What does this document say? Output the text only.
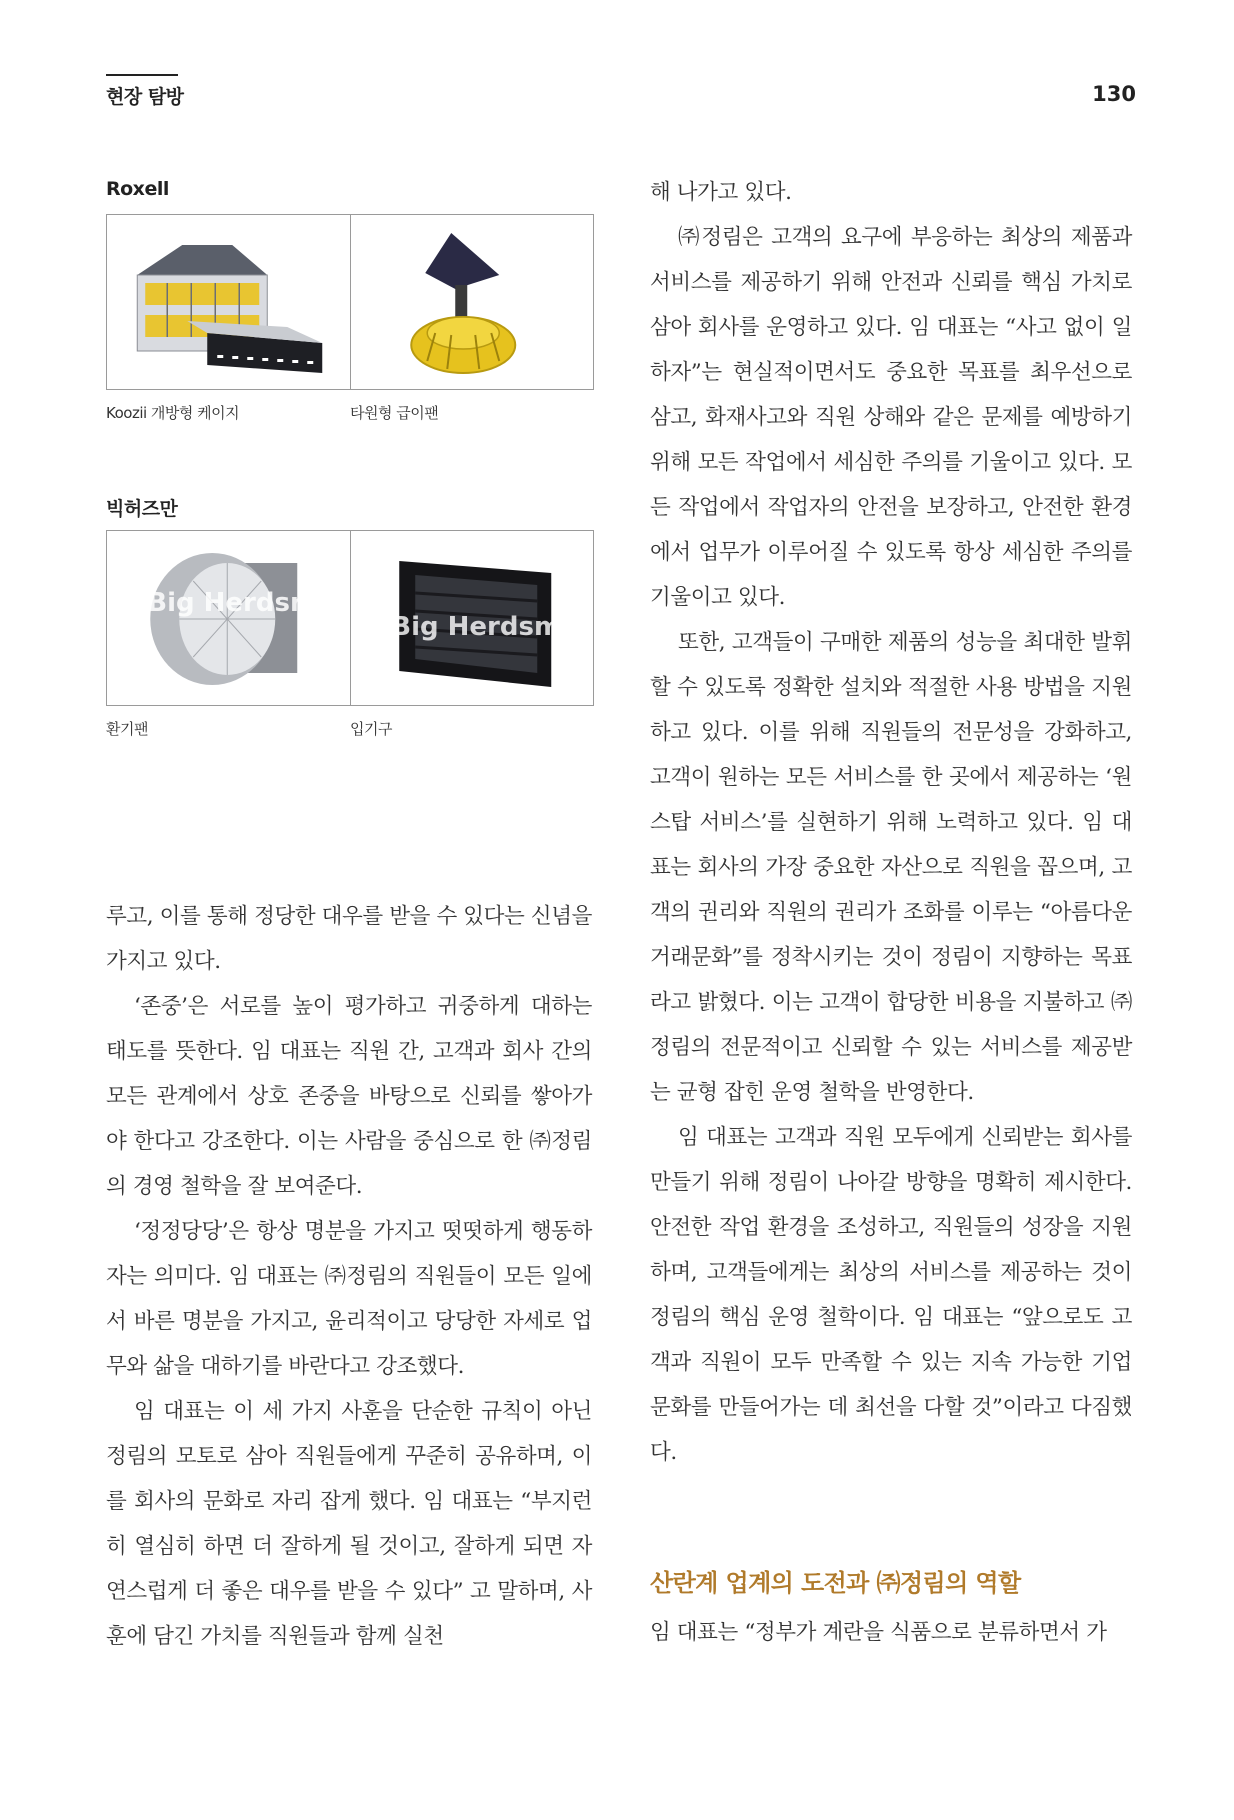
현장 탐방	130
Roxell
Koozii 개방형 케이지	타원형 급이팬
빅허즈만
Big Herdsma
Big Herdsma
환기팬	입기구

루고, 이를 통해 정당한 대우를 받을 수 있다는 신념을 가지고 있다.

‘존중’은 서로를 높이 평가하고 귀중하게 대하는 태도를 뜻한다. 임 대표는 직원 간, 고객과 회사 간의 모든 관계에서 상호 존중을 바탕으로 신뢰를 쌓아가야 한다고 강조한다. 이는 사람을 중심으로 한 ㈜정림의 경영 철학을 잘 보여준다.

‘정정당당’은 항상 명분을 가지고 떳떳하게 행동하자는 의미다. 임 대표는 ㈜정림의 직원들이 모든 일에서 바른 명분을 가지고, 윤리적이고 당당한 자세로 업무와 삶을 대하기를 바란다고 강조했다.

임 대표는 이 세 가지 사훈을 단순한 규칙이 아닌 정림의 모토로 삼아 직원들에게 꾸준히 공유하며, 이를 회사의 문화로 자리 잡게 했다. 임 대표는 “부지런히 열심히 하면 더 잘하게 될 것이고, 잘하게 되면 자연스럽게 더 좋은 대우를 받을 수 있다” 고 말하며, 사훈에 담긴 가치를 직원들과 함께 실천

해 나가고 있다.

㈜정림은 고객의 요구에 부응하는 최상의 제품과 서비스를 제공하기 위해 안전과 신뢰를 핵심 가치로 삼아 회사를 운영하고 있다. 임 대표는 “사고 없이 일하자”는 현실적이면서도 중요한 목표를 최우선으로 삼고, 화재사고와 직원 상해와 같은 문제를 예방하기 위해 모든 작업에서 세심한 주의를 기울이고 있다. 모든 작업에서 작업자의 안전을 보장하고, 안전한 환경에서 업무가 이루어질 수 있도록 항상 세심한 주의를 기울이고 있다.

또한, 고객들이 구매한 제품의 성능을 최대한 발휘할 수 있도록 정확한 설치와 적절한 사용 방법을 지원하고 있다. 이를 위해 직원들의 전문성을 강화하고, 고객이 원하는 모든 서비스를 한 곳에서 제공하는 ‘원스탑 서비스’를 실현하기 위해 노력하고 있다. 임 대표는 회사의 가장 중요한 자산으로 직원을 꼽으며, 고객의 권리와 직원의 권리가 조화를 이루는 “아름다운 거래문화”를 정착시키는 것이 정림이 지향하는 목표라고 밝혔다. 이는 고객이 합당한 비용을 지불하고 ㈜정림의 전문적이고 신뢰할 수 있는 서비스를 제공받는 균형 잡힌 운영 철학을 반영한다.

임 대표는 고객과 직원 모두에게 신뢰받는 회사를 만들기 위해 정림이 나아갈 방향을 명확히 제시한다. 안전한 작업 환경을 조성하고, 직원들의 성장을 지원하며, 고객들에게는 최상의 서비스를 제공하는 것이 정림의 핵심 운영 철학이다. 임 대표는 “앞으로도 고객과 직원이 모두 만족할 수 있는 지속 가능한 기업 문화를 만들어가는 데 최선을 다할 것”이라고 다짐했다.

산란계 업계의 도전과 ㈜정림의 역할
임 대표는 “정부가 계란을 식품으로 분류하면서 가
